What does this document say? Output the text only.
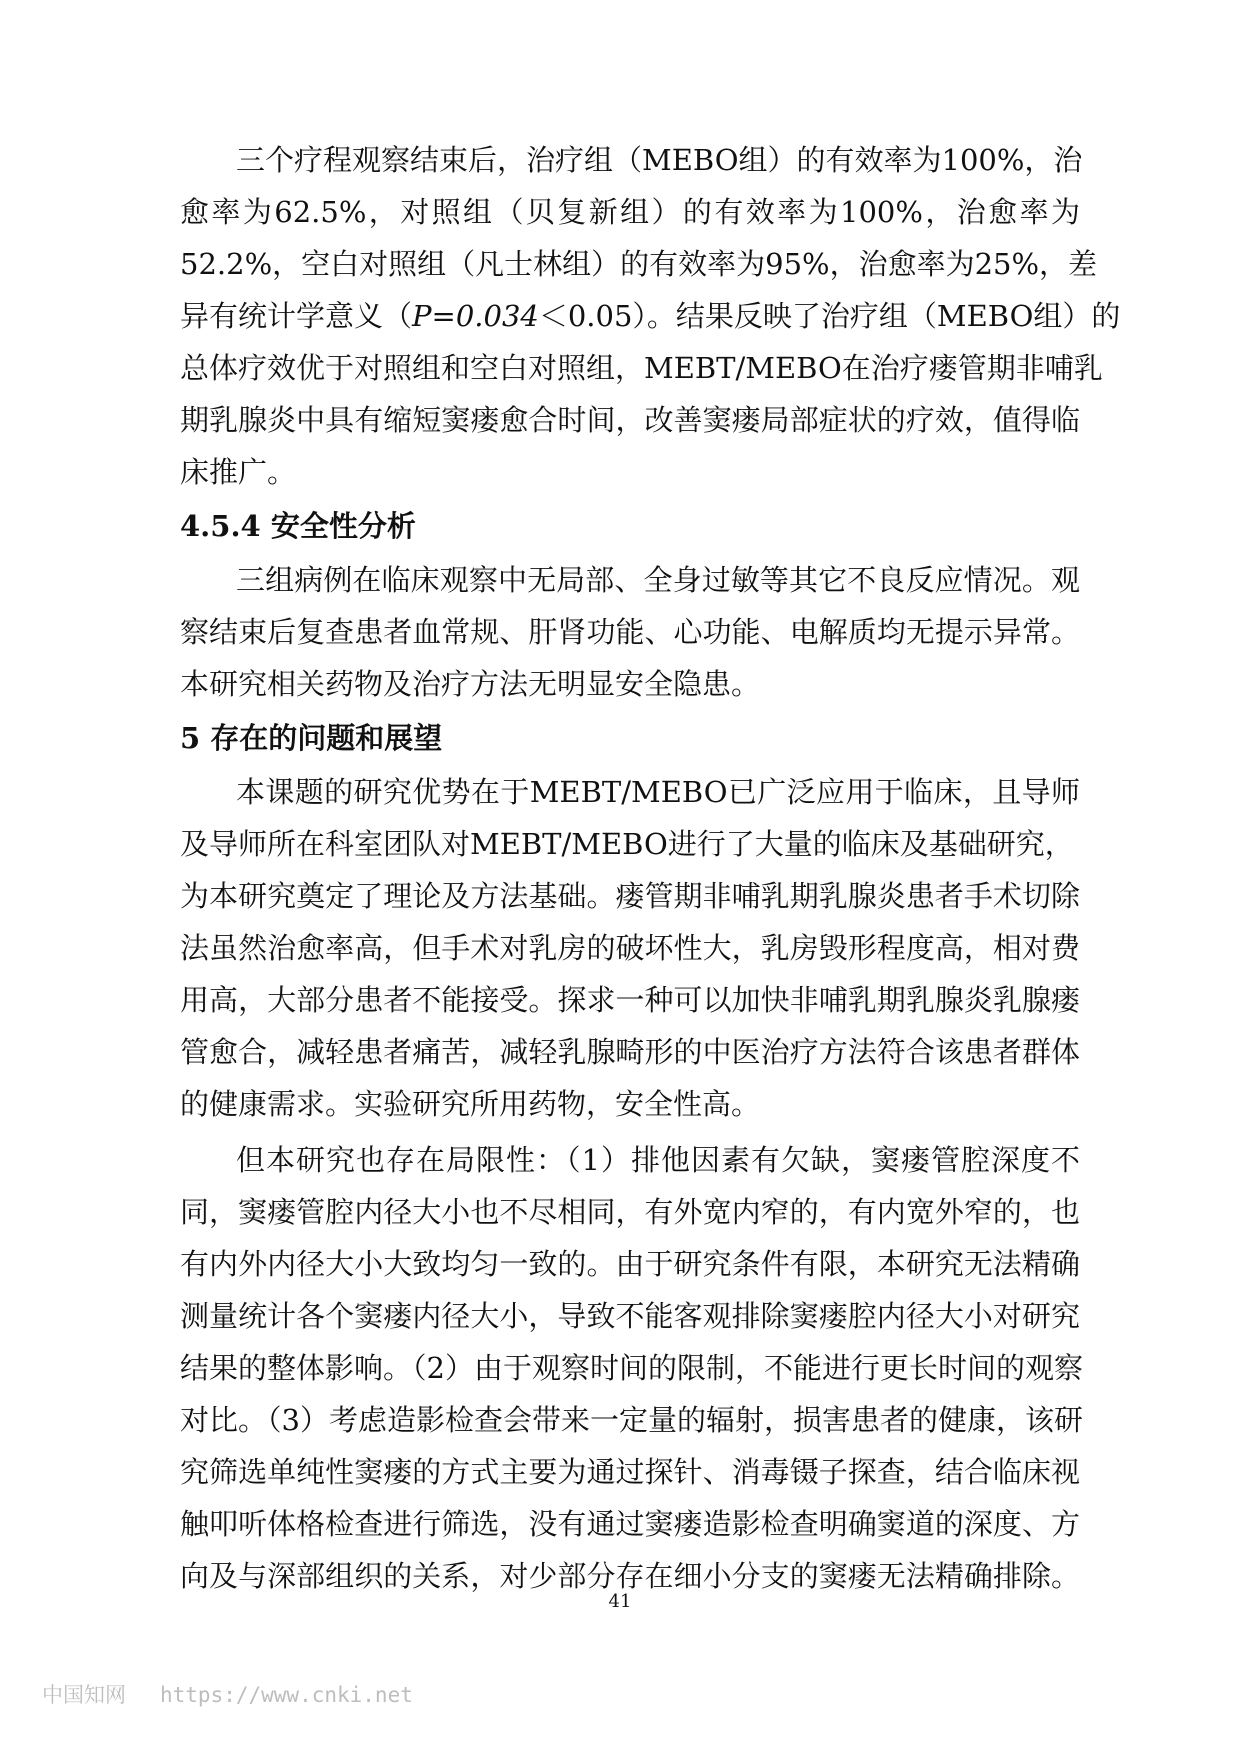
三个疗程观察结束后，治疗组（MEBO组）的有效率为100%，治
愈率为62.5%，对照组（贝复新组）的有效率为100%，治愈率为
52.2%，空白对照组（凡士林组）的有效率为95%，治愈率为25%，差
异有统计学意义（P=0.034＜0.05）。结果反映了治疗组（MEBO组）的
总体疗效优于对照组和空白对照组，MEBT/MEBO在治疗瘘管期非哺乳
期乳腺炎中具有缩短窦瘘愈合时间，改善窦瘘局部症状的疗效，值得临
床推广。
4.5.4 安全性分析
三组病例在临床观察中无局部、全身过敏等其它不良反应情况。观
察结束后复查患者血常规、肝肾功能、心功能、电解质均无提示异常。
本研究相关药物及治疗方法无明显安全隐患。
5 存在的问题和展望
本课题的研究优势在于MEBT/MEBO已广泛应用于临床，且导师
及导师所在科室团队对MEBT/MEBO进行了大量的临床及基础研究，
为本研究奠定了理论及方法基础。瘘管期非哺乳期乳腺炎患者手术切除
法虽然治愈率高，但手术对乳房的破坏性大，乳房毁形程度高，相对费
用高，大部分患者不能接受。探求一种可以加快非哺乳期乳腺炎乳腺瘘
管愈合，减轻患者痛苦，减轻乳腺畸形的中医治疗方法符合该患者群体
的健康需求。实验研究所用药物，安全性高。
但本研究也存在局限性：（1）排他因素有欠缺，窦瘘管腔深度不
同，窦瘘管腔内径大小也不尽相同，有外宽内窄的，有内宽外窄的，也
有内外内径大小大致均匀一致的。由于研究条件有限，本研究无法精确
测量统计各个窦瘘内径大小，导致不能客观排除窦瘘腔内径大小对研究
结果的整体影响。（2）由于观察时间的限制，不能进行更长时间的观察
对比。（3）考虑造影检查会带来一定量的辐射，损害患者的健康，该研
究筛选单纯性窦瘘的方式主要为通过探针、消毒镊子探查，结合临床视
触叩听体格检查进行筛选，没有通过窦瘘造影检查明确窦道的深度、方
向及与深部组织的关系，对少部分存在细小分支的窦瘘无法精确排除。
41
中国知网 https://www.cnki.net
